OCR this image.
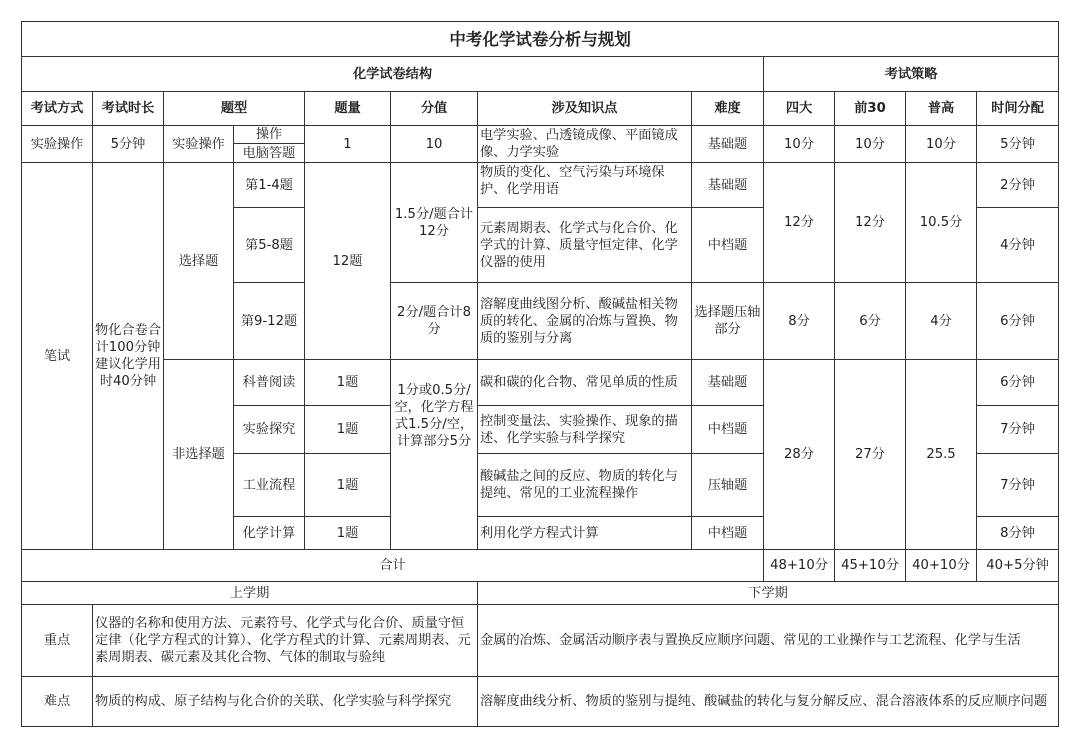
中考化学试卷分析与规划											
化学试卷结构								考试策略			
考试方式	考试时长	题型		题量	分值	涉及知识点	难度	四大	前30	普高	时间分配
实验操作	5分钟	实验操作	操作	1	10	电学实验、凸透镜成像、平面镜成像、力学实验	基础题	10分	10分	10分	5分钟
			电脑答题								
笔试	物化合卷合计100分钟建议化学用时40分钟	选择题	第1-4题	12题	1.5分/题合计12分	物质的变化、空气污染与环境保护、化学用语	基础题	12分	12分	10.5分	2分钟
			第5-8题			元素周期表、化学式与化合价、化学式的计算、质量守恒定律、化学仪器的使用	中档题				4分钟
			第9-12题		2分/题合计8分	溶解度曲线图分析、酸碱盐相关物质的转化、金属的冶炼与置换、物质的鉴别与分离	选择题压轴部分	8分	6分	4分	6分钟
		非选择题	科普阅读	1题	1分或0.5分/空，化学方程式1.5分/空，计算部分5分	碳和碳的化合物、常见单质的性质	基础题	28分	27分	25.5	6分钟
			实验探究	1题		控制变量法、实验操作、现象的描述、化学实验与科学探究	中档题				7分钟
			工业流程	1题		酸碱盐之间的反应、物质的转化与提纯、常见的工业流程操作	压轴题				7分钟
			化学计算	1题		利用化学方程式计算	中档题				8分钟
合计								48+10分	45+10分	40+10分	40+5分钟
上学期						下学期					
重点	仪器的名称和使用方法、元素符号、化学式与化合价、质量守恒定律（化学方程式的计算）、化学方程式的计算、元素周期表、元素周期表、碳元素及其化合物、气体的制取与验纯					金属的冶炼、金属活动顺序表与置换反应顺序问题、常见的工业操作与工艺流程、化学与生活					
难点	物质的构成、原子结构与化合价的关联、化学实验与科学探究					溶解度曲线分析、物质的鉴别与提纯、酸碱盐的转化与复分解反应、混合溶液体系的反应顺序问题					
